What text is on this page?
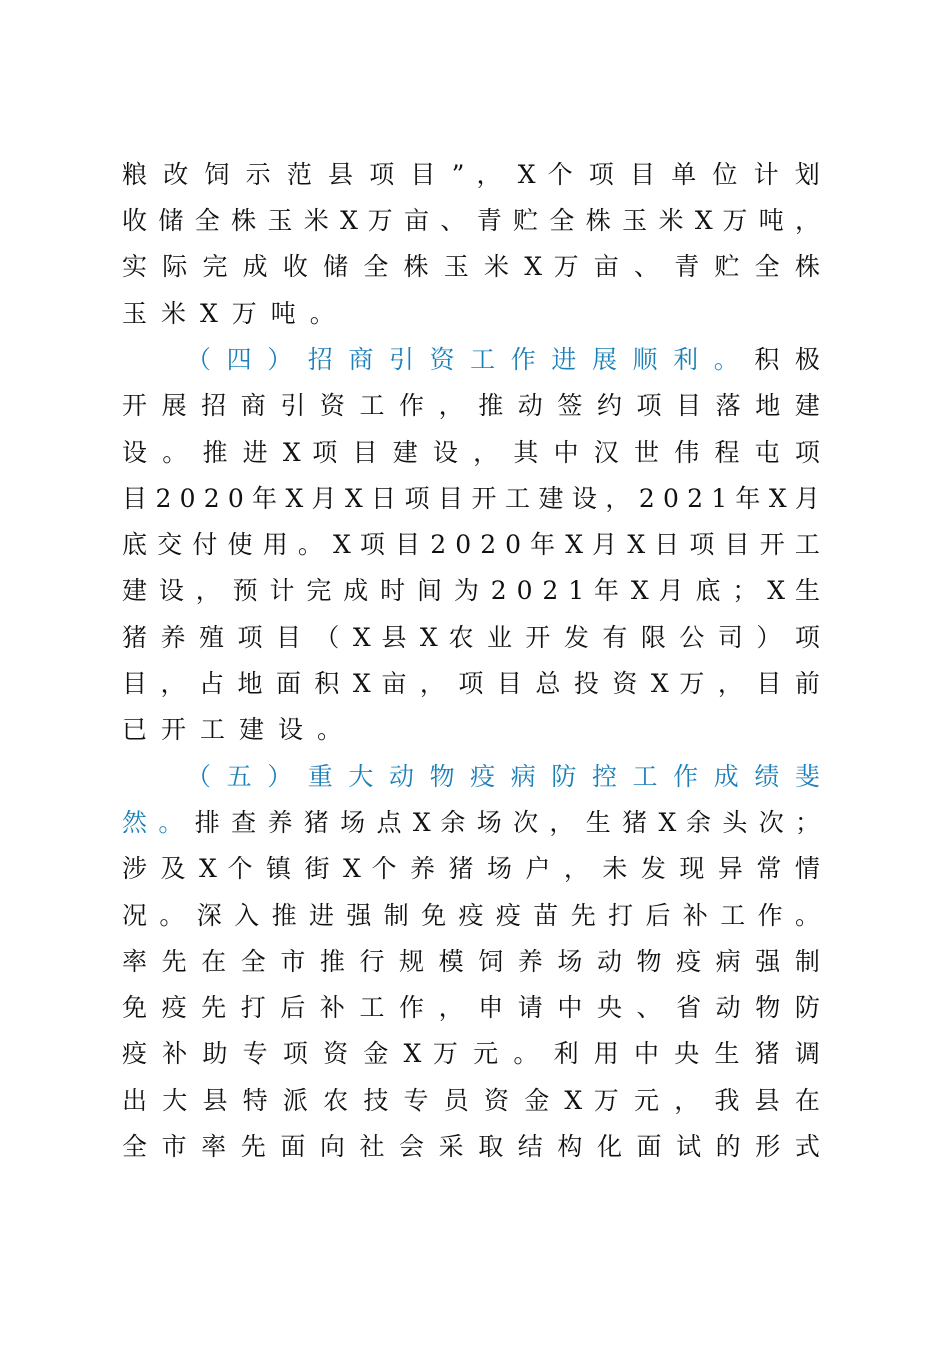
粮 改 饲 示 范 县 项 目 ” ， X 个 项 目 单 位 计 划
收 储 全 株 玉 米 X 万 亩 、 青 贮 全 株 玉 米 X 万 吨 ，
实 际 完 成 收 储 全 株 玉 米 X 万 亩 、 青 贮 全 株
玉米X万吨。
（ 四 ） 招 商 引 资 工 作 进 展 顺 利 。 积 极
开 展 招 商 引 资 工 作 ， 推 动 签 约 项 目 落 地 建
设 。 推 进 X 项 目 建 设 ， 其 中 汉 世 伟 程 屯 项
目 2 0 2 0 年 X 月 X 日 项 目 开 工 建 设 ， 2 0 2 1 年 X 月
底 交 付 使 用 。 X 项 目 2 0 2 0 年 X 月 X 日 项 目 开 工
建 设 ， 预 计 完 成 时 间 为 2 0 2 1 年 X 月 底 ； X 生
猪 养 殖 项 目 （ X 县 X 农 业 开 发 有 限 公 司 ） 项
目 ， 占 地 面 积 X 亩 ， 项 目 总 投 资 X 万 ， 目 前
已开工建设。
（ 五 ） 重 大 动 物 疫 病 防 控 工 作 成 绩 斐
然 。 排 查 养 猪 场 点 X 余 场 次 ， 生 猪 X 余 头 次 ；
涉 及 X 个 镇 街 X 个 养 猪 场 户 ， 未 发 现 异 常 情
况 。 深 入 推 进 强 制 免 疫 疫 苗 先 打 后 补 工 作 。
率 先 在 全 市 推 行 规 模 饲 养 场 动 物 疫 病 强 制
免 疫 先 打 后 补 工 作 ， 申 请 中 央 、 省 动 物 防
疫 补 助 专 项 资 金 X 万 元 。 利 用 中 央 生 猪 调
出 大 县 特 派 农 技 专 员 资 金 X 万 元 ， 我 县 在
全 市 率 先 面 向 社 会 采 取 结 构 化 面 试 的 形 式
